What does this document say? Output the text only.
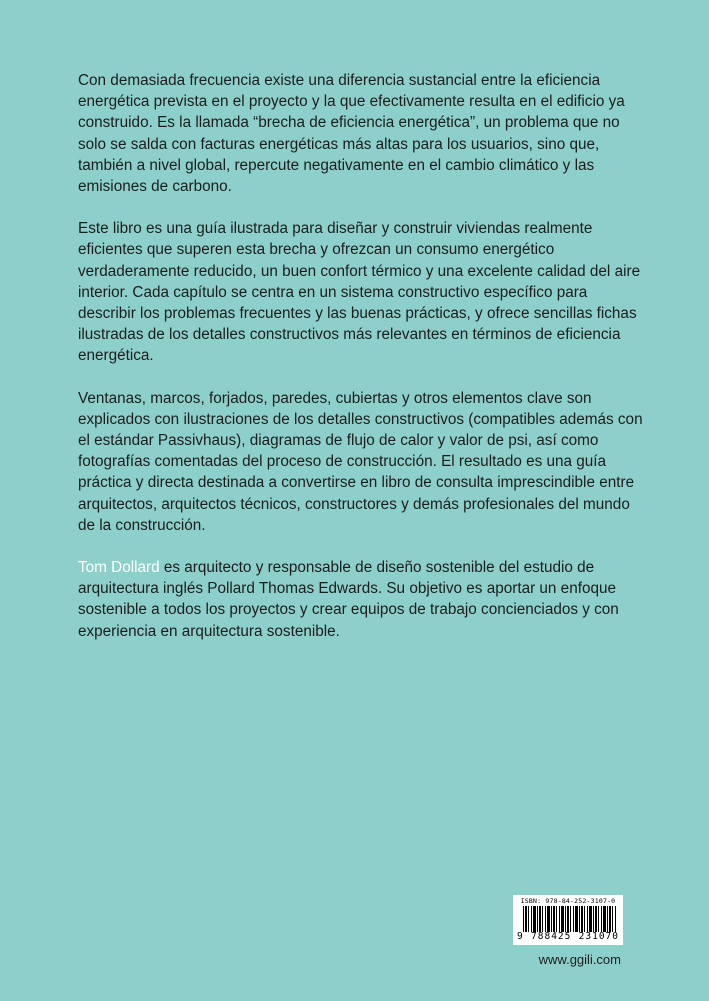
Con demasiada frecuencia existe una diferencia sustancial entre la eficiencia energética prevista en el proyecto y la que efectivamente resulta en el edificio ya construido. Es la llamada “brecha de eficiencia energética”, un problema que no solo se salda con facturas energéticas más altas para los usuarios, sino que, también a nivel global, repercute negativamente en el cambio climático y las emisiones de carbono.

Este libro es una guía ilustrada para diseñar y construir viviendas realmente eficientes que superen esta brecha y ofrezcan un consumo energético verdaderamente reducido, un buen confort térmico y una excelente calidad del aire interior. Cada capítulo se centra en un sistema constructivo específico para describir los problemas frecuentes y las buenas prácticas, y ofrece sencillas fichas ilustradas de los detalles constructivos más relevantes en términos de eficiencia energética.

Ventanas, marcos, forjados, paredes, cubiertas y otros elementos clave son explicados con ilustraciones de los detalles constructivos (compatibles además con el estándar Passivhaus), diagramas de flujo de calor y valor de psi, así como fotografías comentadas del proceso de construcción. El resultado es una guía práctica y directa destinada a convertirse en libro de consulta imprescindible entre arquitectos, arquitectos técnicos, constructores y demás profesionales del mundo de la construcción.

Tom Dollard es arquitecto y responsable de diseño sostenible del estudio de arquitectura inglés Pollard Thomas Edwards. Su objetivo es aportar un enfoque sostenible a todos los proyectos y crear equipos de trabajo concienciados y con experiencia en arquitectura sostenible.

ISBN: 978-84-252-3107-0
9 788425 231070
www.ggili.com
